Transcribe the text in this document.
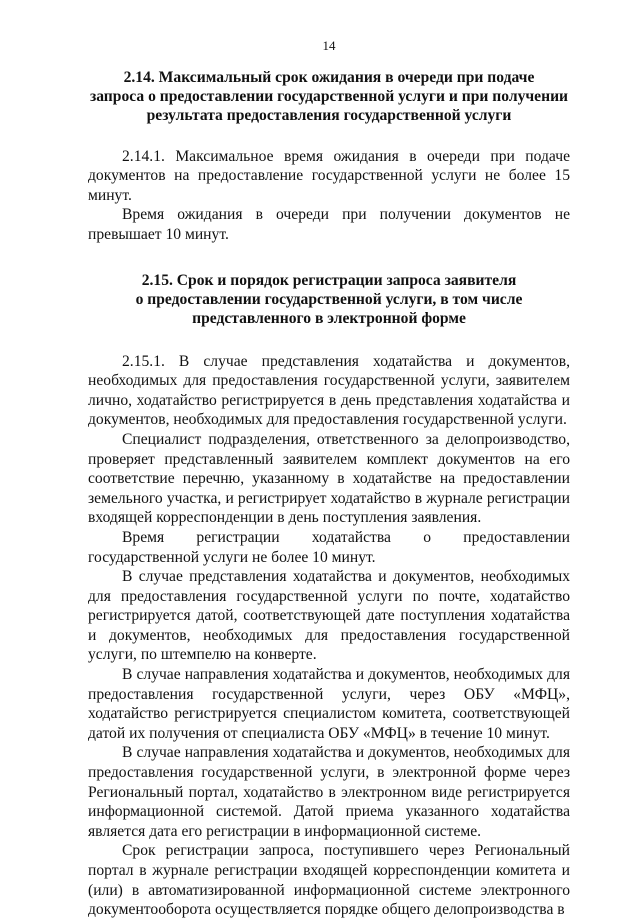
14
2.14. Максимальный срок ожидания в очереди при подаче
запроса о предоставлении государственной услуги и при получении
результата предоставления государственной услуги

2.14.1. Максимальное время ожидания в очереди при подаче документов на предоставление государственной услуги не более 15 минут.

Время ожидания в очереди при получении документов не превышает 10 минут.

2.15. Срок и порядок регистрации запроса заявителя
о предоставлении государственной услуги, в том числе
представленного в электронной форме

2.15.1. В случае представления ходатайства и документов, необходимых для предоставления государственной услуги, заявителем лично, ходатайство регистрируется в день представления ходатайства и документов, необходимых для предоставления государственной услуги.

Специалист подразделения, ответственного за делопроизводство, проверяет представленный заявителем комплект документов на его соответствие перечню, указанному в ходатайстве на предоставлении земельного участка, и регистрирует ходатайство в журнале регистрации входящей корреспонденции в день поступления заявления.

Время регистрации ходатайства о предоставлении государственной услуги не более 10 минут.

В случае представления ходатайства и документов, необходимых для предоставления государственной услуги по почте, ходатайство регистрируется датой, соответствующей дате поступления ходатайства и документов, необходимых для предоставления государственной услуги, по штемпелю на конверте.

В случае направления ходатайства и документов, необходимых для предоставления государственной услуги, через ОБУ «МФЦ», ходатайство регистрируется специалистом комитета, соответствующей датой их получения от специалиста ОБУ «МФЦ» в течение 10 минут.

В случае направления ходатайства и документов, необходимых для предоставления государственной услуги, в электронной форме через Региональный портал, ходатайство в электронном виде регистрируется информационной системой. Датой приема указанного ходатайства является дата его регистрации в информационной системе.

Срок регистрации запроса, поступившего через Региональный портал в журнале регистрации входящей корреспонденции комитета и (или) в автоматизированной информационной системе электронного документооборота осуществляется порядке общего делопроизводства в
